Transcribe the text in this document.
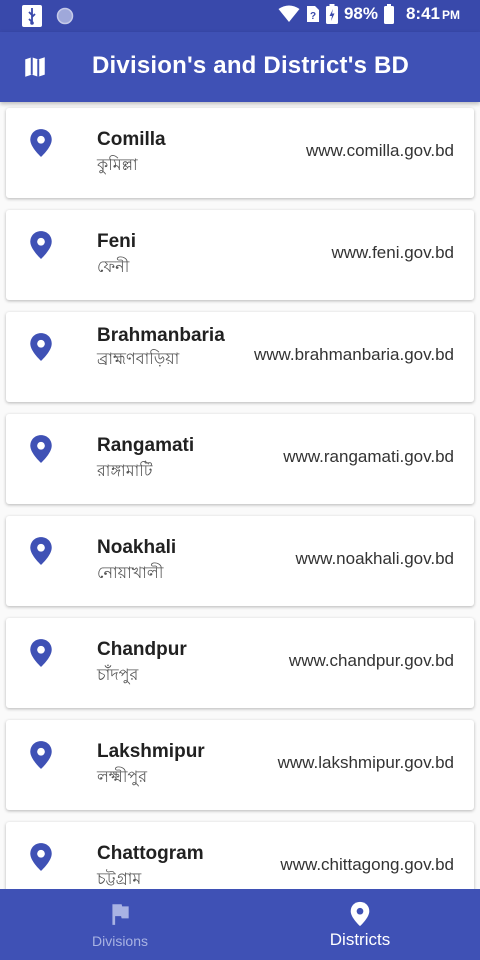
? 98% 8:41 PM
Division's and District's BD
Comilla
কুমিল্লা
www.comilla.gov.bd
Feni
ফেনী
www.feni.gov.bd
Brahmanbaria
ব্রাহ্মণবাড়িয়া	www.brahmanbaria.gov.bd
Rangamati
রাঙ্গামাটি
www.rangamati.gov.bd
Noakhali
নোয়াখালী
www.noakhali.gov.bd
Chandpur
চাঁদপুর
www.chandpur.gov.bd
Lakshmipur
লক্ষ্মীপুর
www.lakshmipur.gov.bd
Chattogram
চট্টগ্রাম
www.chittagong.gov.bd
Divisions	Districts
